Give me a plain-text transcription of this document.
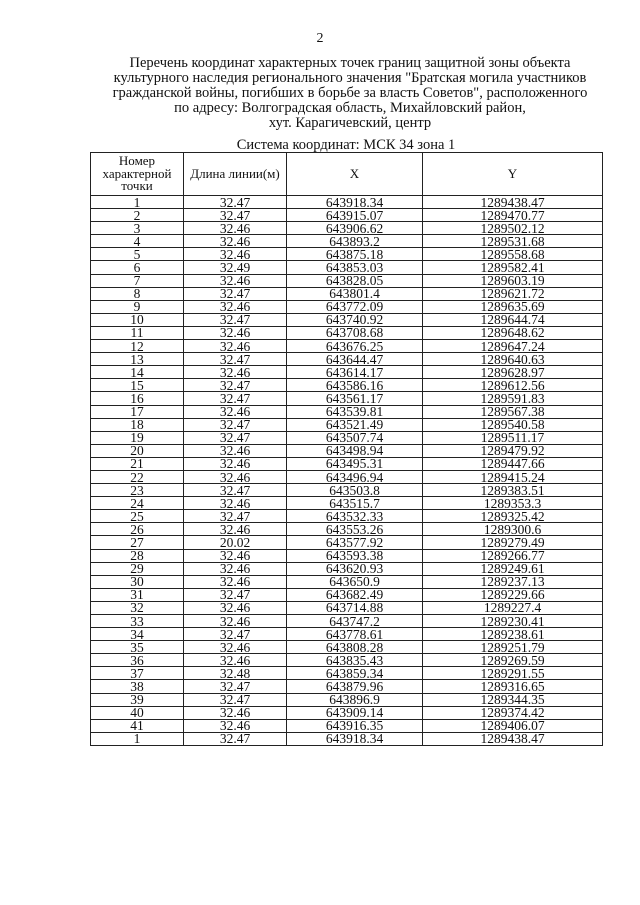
2
Перечень координат характерных точек границ защитной зоны объекта
культурного наследия регионального значения "Братская могила участников
гражданской войны, погибших в борьбе за власть Советов", расположенного
по адресу: Волгоградская область, Михайловский район,
хут. Карагичевский, центр
Система координат: МСК 34 зона 1
Номер характерной точки	Длина линии(м)	X	Y
1	32.47	643918.34	1289438.47
2	32.47	643915.07	1289470.77
3	32.46	643906.62	1289502.12
4	32.46	643893.2	1289531.68
5	32.46	643875.18	1289558.68
6	32.49	643853.03	1289582.41
7	32.46	643828.05	1289603.19
8	32.47	643801.4	1289621.72
9	32.46	643772.09	1289635.69
10	32.47	643740.92	1289644.74
11	32.46	643708.68	1289648.62
12	32.46	643676.25	1289647.24
13	32.47	643644.47	1289640.63
14	32.46	643614.17	1289628.97
15	32.47	643586.16	1289612.56
16	32.47	643561.17	1289591.83
17	32.46	643539.81	1289567.38
18	32.47	643521.49	1289540.58
19	32.47	643507.74	1289511.17
20	32.46	643498.94	1289479.92
21	32.46	643495.31	1289447.66
22	32.46	643496.94	1289415.24
23	32.47	643503.8	1289383.51
24	32.46	643515.7	1289353.3
25	32.47	643532.33	1289325.42
26	32.46	643553.26	1289300.6
27	20.02	643577.92	1289279.49
28	32.46	643593.38	1289266.77
29	32.46	643620.93	1289249.61
30	32.46	643650.9	1289237.13
31	32.47	643682.49	1289229.66
32	32.46	643714.88	1289227.4
33	32.46	643747.2	1289230.41
34	32.47	643778.61	1289238.61
35	32.46	643808.28	1289251.79
36	32.46	643835.43	1289269.59
37	32.48	643859.34	1289291.55
38	32.47	643879.96	1289316.65
39	32.47	643896.9	1289344.35
40	32.46	643909.14	1289374.42
41	32.46	643916.35	1289406.07
1	32.47	643918.34	1289438.47
